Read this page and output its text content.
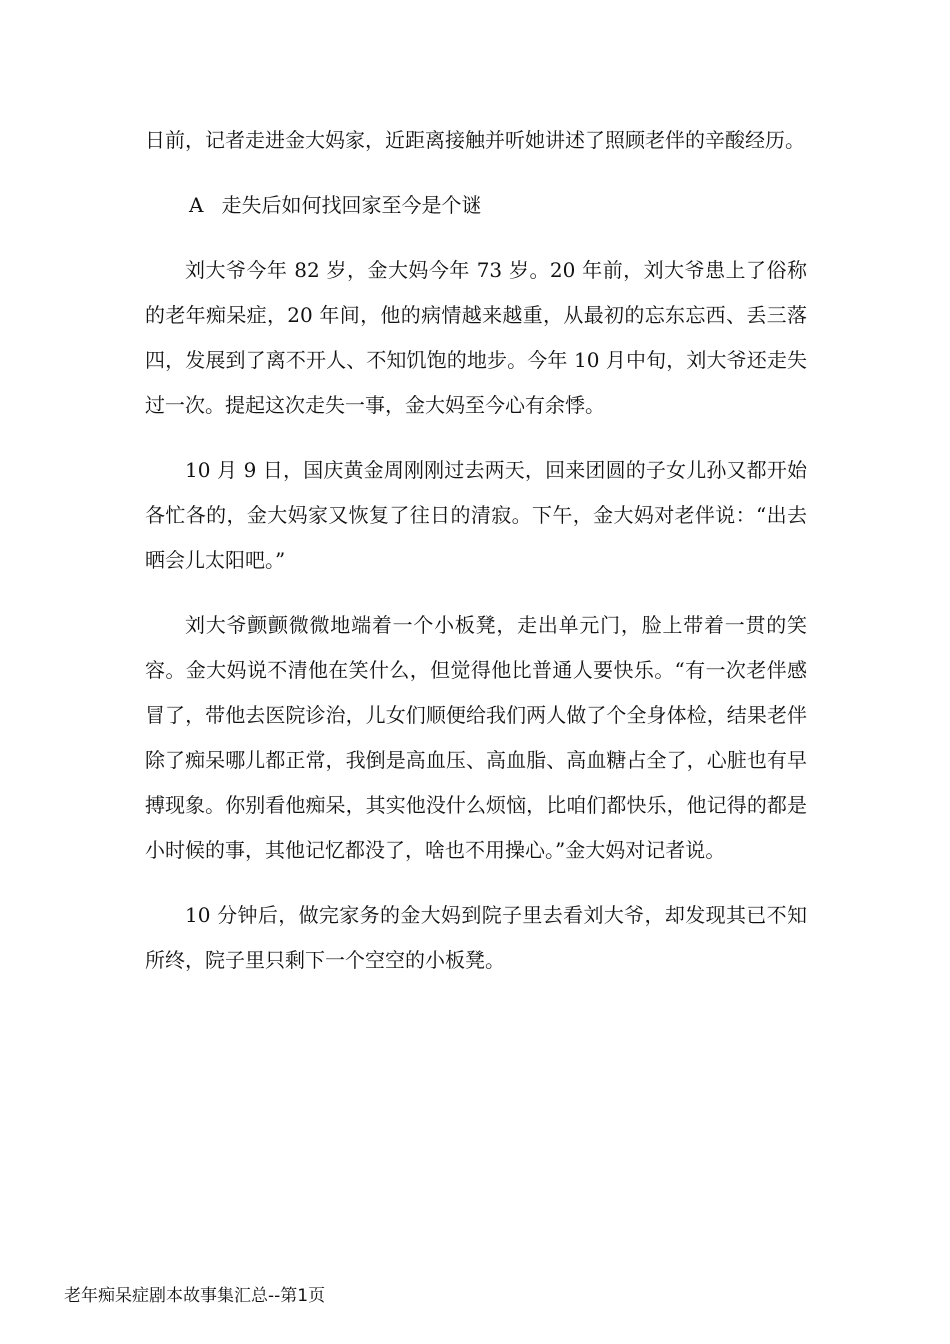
日前，记者走进金大妈家，近距离接触并听她讲述了照顾老伴的辛酸经历。

A 走失后如何找回家至今是个谜

刘大爷今年 82 岁，金大妈今年 73 岁。20 年前，刘大爷患上了俗称的老年痴呆症，20 年间，他的病情越来越重，从最初的忘东忘西、丢三落四，发展到了离不开人、不知饥饱的地步。今年 10 月中旬，刘大爷还走失过一次。提起这次走失一事，金大妈至今心有余悸。

10 月 9 日，国庆黄金周刚刚过去两天，回来团圆的子女儿孙又都开始各忙各的，金大妈家又恢复了往日的清寂。下午，金大妈对老伴说：“出去晒会儿太阳吧。”

刘大爷颤颤微微地端着一个小板凳，走出单元门，脸上带着一贯的笑容。金大妈说不清他在笑什么，但觉得他比普通人要快乐。“有一次老伴感冒了，带他去医院诊治，儿女们顺便给我们两人做了个全身体检，结果老伴除了痴呆哪儿都正常，我倒是高血压、高血脂、高血糖占全了，心脏也有早搏现象。你别看他痴呆，其实他没什么烦恼，比咱们都快乐，他记得的都是小时候的事，其他记忆都没了，啥也不用操心。”金大妈对记者说。

10 分钟后，做完家务的金大妈到院子里去看刘大爷，却发现其已不知所终，院子里只剩下一个空空的小板凳。

老年痴呆症剧本故事集汇总--第1页
